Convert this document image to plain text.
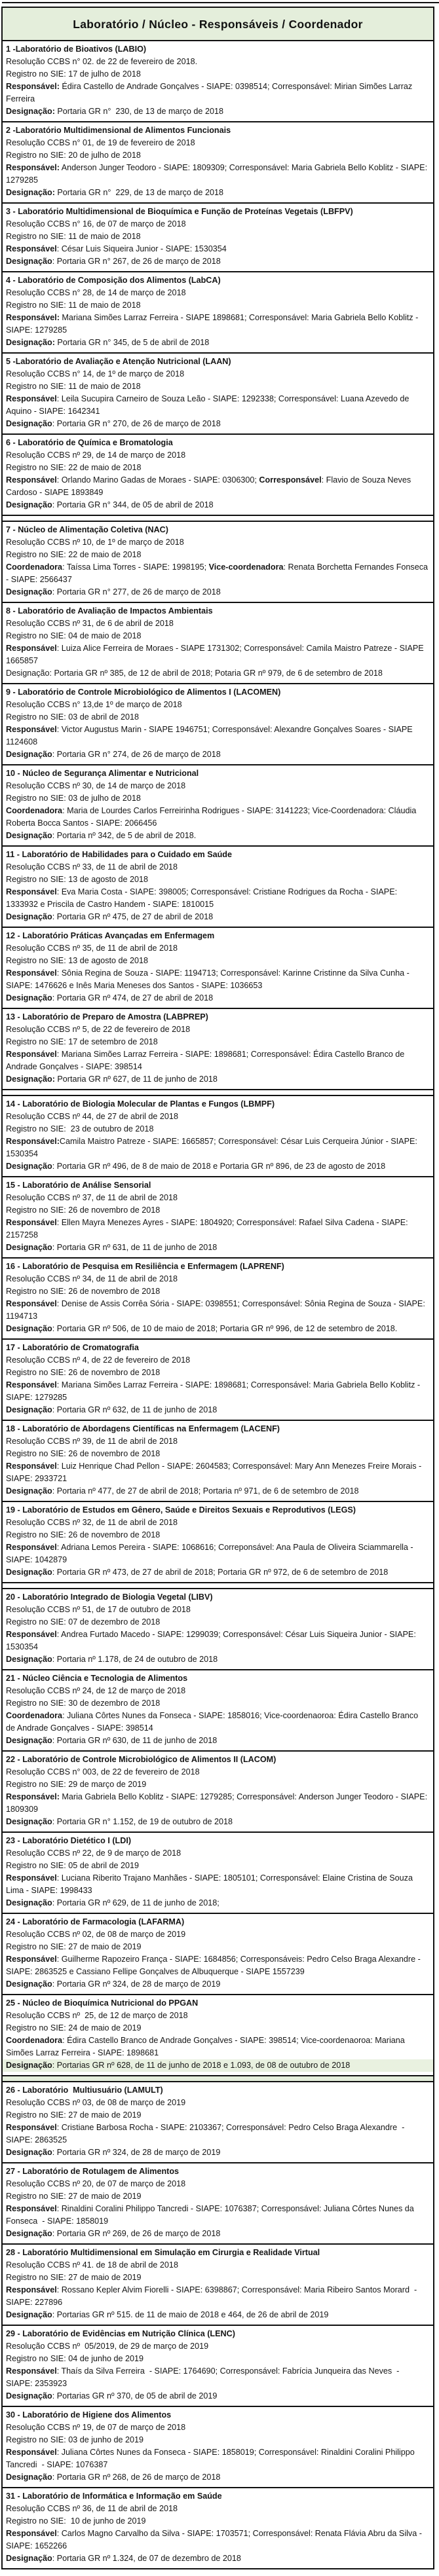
Laboratório / Núcleo - Responsáveis / Coordenador
1 -Laboratório de Bioativos (LABIO)
Resolução CCBS n° 02. de 22 de fevereiro de 2018.
Registro no SIE: 17 de julho de 2018
Responsável: Édira Castello de Andrade Gonçalves - SIAPE: 0398514; Corresponsável: Mirian Simões Larraz Ferreira
Designação: Portaria GR n°  230, de 13 de março de 2018
2 -Laboratório Multidimensional de Alimentos Funcionais
Resolução CCBS n° 01, de 19 de fevereiro de 2018
Registro no SIE: 20 de julho de 2018
Responsável: Anderson Junger Teodoro - SIAPE: 1809309; Corresponsável: Maria Gabriela Bello Koblitz - SIAPE: 1279285
Designação: Portaria GR n°  229, de 13 de março de 2018
3 - Laboratório Multidimensional de Bioquímica e Função de Proteínas Vegetais (LBFPV)
Resolução CCBS n° 16, de 07 de março de 2018
Registro no SIE: 11 de maio de 2018
Responsável: César Luis Siqueira Junior - SIAPE: 1530354
Designação: Portaria GR n° 267, de 26 de março de 2018
4 - Laboratório de Composição dos Alimentos (LabCA)
Resolução CCBS n° 28, de 14 de março de 2018
Registro no SIE: 11 de maio de 2018
Responsável: Mariana Simões Larraz Ferreira - SIAPE 1898681; Corresponsável: Maria Gabriela Bello Koblitz - SIAPE: 1279285
Designação: Portaria GR n° 345, de 5 de abril de 2018
5 -Laboratório de Avaliação e Atenção Nutricional (LAAN)
Resolução CCBS n° 14, de 1º de março de 2018
Registro no SIE: 11 de maio de 2018
Responsável: Leila Sucupira Carneiro de Souza Leão - SIAPE: 1292338; Corresponsável: Luana Azevedo de Aquino - SIAPE: 1642341
Designação: Portaria GR n° 270, de 26 de março de 2018
6 - Laboratório de Química e Bromatologia
Resolução CCBS nº 29, de 14 de março de 2018
Registro no SIE: 22 de maio de 2018
Responsável: Orlando Marino Gadas de Moraes - SIAPE: 0306300; Corresponsável: Flavio de Souza Neves Cardoso - SIAPE 1893849
Designação: Portaria GR n° 344, de 05 de abril de 2018
7 - Núcleo de Alimentação Coletiva (NAC)
Resolução CCBS nº 10, de 1º de março de 2018
Registro no SIE: 22 de maio de 2018
Coordenadora: Taíssa Lima Torres - SIAPE: 1998195; Vice-coordenadora: Renata Borchetta Fernandes Fonseca - SIAPE: 2566437
Designação: Portaria GR n° 277, de 26 de março de 2018
8 - Laboratório de Avaliação de Impactos Ambientais
Resolução CCBS nº 31, de 6 de abril de 2018
Registro no SIE: 04 de maio de 2018
Responsável: Luiza Alice Ferreira de Moraes - SIAPE 1731302; Corresponsável: Camila Maistro Patreze - SIAPE 1665857
Designação: Portaria GR nº 385, de 12 de abril de 2018; Potaria GR nº 979, de 6 de setembro de 2018
9 - Laboratório de Controle Microbiológico de Alimentos I (LACOMEN)
Resolução CCBS n° 13,de 1º de março de 2018
Registro no SIE: 03 de abril de 2018
Responsável: Victor Augustus Marin - SIAPE 1946751; Corresponsável: Alexandre Gonçalves Soares - SIAPE 1124608
Designação: Portaria GR n° 274, de 26 de março de 2018
10 - Núcleo de Segurança Alimentar e Nutricional
Resolução CCBS nº 30, de 14 de março de 2018
Registro no SIE: 03 de julho de 2018
Coordenadora: Maria de Lourdes Carlos Ferreirinha Rodrigues - SIAPE: 3141223; Vice-Coordenadora: Cláudia Roberta Bocca Santos - SIAPE: 2066456
Designação: Portaria nº 342, de 5 de abril de 2018.
11 - Laboratório de Habilidades para o Cuidado em Saúde
Resolução CCBS nº 33, de 11 de abril de 2018
Registro no SIE: 13 de agosto de 2018
Responsável: Eva Maria Costa - SIAPE: 398005; Corresponsável: Cristiane Rodrigues da Rocha - SIAPE: 1333932 e Priscila de Castro Handem - SIAPE: 1810015
Designação: Portaria GR nº 475, de 27 de abril de 2018
12 - Laboratório Práticas Avançadas em Enfermagem
Resolução CCBS nº 35, de 11 de abril de 2018
Registro no SIE: 13 de agosto de 2018
Responsável: Sônia Regina de Souza - SIAPE: 1194713; Corresponsável: Karinne Cristinne da Silva Cunha - SIAPE: 1476626 e Inês Maria Meneses dos Santos - SIAPE: 1036653
Designação: Portaria GR nº 474, de 27 de abril de 2018
13 - Laboratório de Preparo de Amostra (LABPREP)
Resolução CCBS nº 5, de 22 de fevereiro de 2018
Registro no SIE: 17 de setembro de 2018
Responsável: Mariana Simões Larraz Ferreira - SIAPE: 1898681; Corresponsável: Édira Castello Branco de Andrade Gonçalves - SIAPE: 398514
Designação: Portaria GR nº 627, de 11 de junho de 2018
14 - Laboratório de Biologia Molecular de Plantas e Fungos (LBMPF)
Resolução CCBS nº 44, de 27 de abril de 2018
Registro no SIE:  23 de outubro de 2018
Responsável:Camila Maistro Patreze - SIAPE: 1665857; Corresponsável: César Luis Cerqueira Júnior - SIAPE: 1530354
Designação: Portaria GR nº 496, de 8 de maio de 2018 e Portaria GR nº 896, de 23 de agosto de 2018
15 - Laboratório de Análise Sensorial
Resolução CCBS nº 37, de 11 de abril de 2018
Registro no SIE: 26 de novembro de 2018
Responsável: Ellen Mayra Menezes Ayres - SIAPE: 1804920; Corresponsável: Rafael Silva Cadena - SIAPE: 2157258
Designação: Portaria GR nº 631, de 11 de junho de 2018
16 - Laboratório de Pesquisa em Resiliência e Enfermagem (LAPRENF)
Resolução CCBS nº 34, de 11 de abril de 2018
Registro no SIE: 26 de novembro de 2018
Responsável: Denise de Assis Corrêa Sória - SIAPE: 0398551; Corresponsável: Sônia Regina de Souza - SIAPE: 1194713
Designação: Portaria GR nº 506, de 10 de maio de 2018; Portaria GR nº 996, de 12 de setembro de 2018.
17 - Laboratório de Cromatografia
Resolução CCBS nº 4, de 22 de fevereiro de 2018
Registro no SIE: 26 de novembro de 2018
Responsável: Mariana Simões Larraz Ferreira - SIAPE: 1898681; Corresponsável: Maria Gabriela Bello Koblitz - SIAPE: 1279285
Designação: Portaria GR nº 632, de 11 de junho de 2018
18 - Laboratório de Abordagens Científicas na Enfermagem (LACENF)
Resolução CCBS nº 39, de 11 de abril de 2018
Registro no SIE: 26 de novembro de 2018
Responsável: Luiz Henrique Chad Pellon - SIAPE: 2604583; Corresponsável: Mary Ann Menezes Freire Morais - SIAPE: 2933721
Designação: Portaria nº 477, de 27 de abril de 2018; Portaria nº 971, de 6 de setembro de 2018
19 - Laboratório de Estudos em Gênero, Saúde e Direitos Sexuais e Reprodutivos (LEGS)
Resolução CCBS nº 32, de 11 de abril de 2018
Registro no SIE: 26 de novembro de 2018
Responsável: Adriana Lemos Pereira - SIAPE: 1068616; Correponsável: Ana Paula de Oliveira Sciammarella - SIAPE: 1042879
Designação: Portaria GR nº 473, de 27 de abril de 2018; Portaria GR nº 972, de 6 de setembro de 2018
20 - Laboratório Integrado de Biologia Vegetal (LIBV)
Resolução CCBS nº 51, de 17 de outubro de 2018
Registro no SIE: 07 de dezembro de 2018
Responsável: Andrea Furtado Macedo - SIAPE: 1299039; Corresponsável: César Luis Siqueira Junior - SIAPE: 1530354
Designação: Portaria nº 1.178, de 24 de outubro de 2018
21 - Núcleo Ciência e Tecnologia de Alimentos
Resolução CCBS nº 24, de 12 de março de 2018
Registro no SIE: 30 de dezembro de 2018
Coordenadora: Juliana Côrtes Nunes da Fonseca - SIAPE: 1858016; Vice-coordenaoroa: Édira Castello Branco de Andrade Gonçalves - SIAPE: 398514
Designação: Portaria GR nº 630, de 11 de junho de 2018
22 - Laboratório de Controle Microbiológico de Alimentos II (LACOM)
Resolução CCBS n° 003, de 22 de fevereiro de 2018
Registro no SIE: 29 de março de 2019
Responsável: Maria Gabriela Bello Koblitz - SIAPE: 1279285; Corresponsável: Anderson Junger Teodoro - SIAPE: 1809309
Designação: Portaria GR n° 1.152, de 19 de outubro de 2018
23 - Laboratório Dietético I (LDI)
Resolução CCBS nº 22, de 9 de março de 2018
Registro no SIE: 05 de abril de 2019
Responsável: Luciana Riberito Trajano Manhães - SIAPE: 1805101; Corresponsável: Elaine Cristina de Souza Lima - SIAPE: 1998433
Designação: Portaria GR nº 629, de 11 de junho de 2018;
24 - Laboratório de Farmacologia (LAFARMA)
Resolução CCBS nº 02, de 08 de março de 2019
Registro no SIE: 27 de maio de 2019
Responsável: Guilherme Rapozeiro França - SIAPE: 1684856; Corresponsáveis: Pedro Celso Braga Alexandre - SIAPE: 2863525 e Cassiano Fellipe Gonçalves de Albuquerque - SIAPE 1557239
Designação: Portaria GR nº 324, de 28 de março de 2019
25 - Núcleo de Bioquímica Nutricional do PPGAN
Resolução CCBS nº  25, de 12 de março de 2018
Registro no SIE: 24 de maio de 2019
Coordenadora: Édira Castello Branco de Andrade Gonçalves - SIAPE: 398514; Vice-coordenaoroa: Mariana Simões Larraz Ferreira - SIAPE: 1898681
Designação: Portarias GR nº 628, de 11 de junho de 2018 e 1.093, de 08 de outubro de 2018
26 - Laboratório  Multiusuário (LAMULT)
Resolução CCBS nº 03, de 08 de março de 2019
Registro no SIE: 27 de maio de 2019
Responsável: Cristiane Barbosa Rocha - SIAPE: 2103367; Corresponsável: Pedro Celso Braga Alexandre  - SIAPE: 2863525
Designação: Portaria GR nº 324, de 28 de março de 2019
27 - Laboratório de Rotulagem de Alimentos
Resolução CCBS nº 20, de 07 de março de 2018
Registro no SIE: 27 de maio de 2019
Responsável: Rinaldini Coralini Philippo Tancredi - SIAPE: 1076387; Corresponsável: Juliana Côrtes Nunes da Fonseca  - SIAPE: 1858019
Designação: Portaria GR nº 269, de 26 de março de 2018
28 - Laboratório Multidimensional em Simulação em Cirurgia e Realidade Virtual
Resolução CCBS nº 41. de 18 de abril de 2018
Registro no SIE: 27 de maio de 2019
Responsável: Rossano Kepler Alvim Fiorelli - SIAPE: 6398867; Corresponsável: Maria Ribeiro Santos Morard  - SIAPE: 227896
Designação: Portarias GR nº 515. de 11 de maio de 2018 e 464, de 26 de abril de 2019
29 - Laboratório de Evidências em Nutrição Clínica (LENC)
Resolução CCBS nº  05/2019, de 29 de março de 2019
Registro no SIE: 04 de junho de 2019
Responsável: Thaís da Silva Ferreira  - SIAPE: 1764690; Corresponsável: Fabrícia Junqueira das Neves  - SIAPE: 2353923
Designação: Portarias GR nº 370, de 05 de abril de 2019
30 - Laboratório de Higiene dos Alimentos
Resolução CCBS nº 19, de 07 de março de 2018
Registro no SIE: 03 de junho de 2019
Responsável: Juliana Côrtes Nunes da Fonseca - SIAPE: 1858019; Corresponsável: Rinaldini Coralini Philippo Tancredi  - SIAPE: 1076387
Designação: Portaria GR nº 268, de 26 de março de 2018
31 - Laboratório de Informática e Informação em Saúde
Resolução CCBS nº 36, de 11 de abril de 2018
Registro no SIE:  10 de junho de 2019
Responsável: Carlos Magno Carvalho da Silva - SIAPE: 1703571; Corresponsável: Renata Flávia Abru da Silva - SIAPE: 1652266
Designação: Portaria GR nº 1.324, de 07 de dezembro de 2018
